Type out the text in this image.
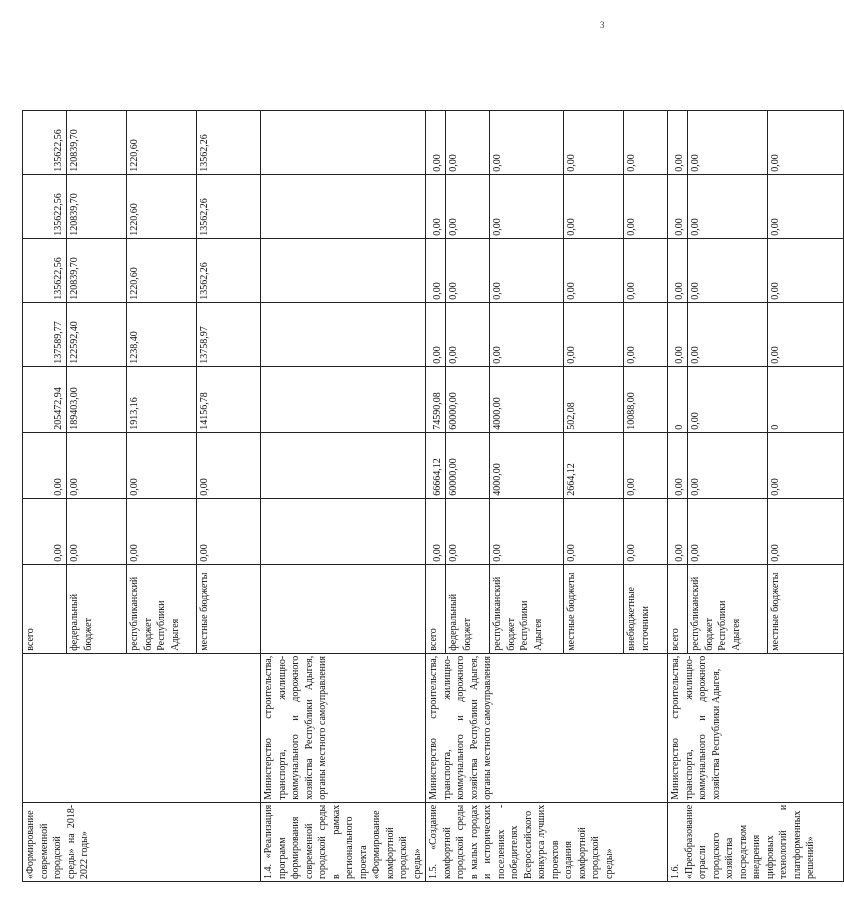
3
«Формирование современной городской среды» на 2018-2022 годы»		всего	0,00	0,00	205472,94	137589,77	135622,56	135622,56	135622,56
		федеральный бюджет	0,00	0,00	189403,00	122592,40	120839,70	120839,70	120839,70
		республиканский бюджет Республики Адыгея	0,00	0,00	1913,16	1238,40	1220,60	1220,60	1220,60
		местные бюджеты	0,00	0,00	14156,78	13758,97	13562,26	13562,26	13562,26
1.4. «Реализация программ формирования современной городской среды в рамках регионального проекта «Формирование комфортной городской среды»	Министерство строительства, транспорта, жилищно-коммунального и дорожного хозяйства Республики Адыгея, органы местного самоуправления								
1.5. «Создание комфортной городской среды в малых городах и исторических поселениях - победителях Всероссийского конкурса лучших проектов создания комфортной городской среды»	Министерство строительства, транспорта, жилищно-коммунального и дорожного хозяйства Республики Адыгея, органы местного самоуправления	всего	0,00	66664,12	74590,08	0,00	0,00	0,00	0,00
		федеральный бюджет	0,00	60000,00	60000,00	0,00	0,00	0,00	0,00
		республиканский бюджет Республики Адыгея	0,00	4000,00	4000,00	0,00	0,00	0,00	0,00
		местные бюджеты	0,00	2664,12	502,08	0,00	0,00	0,00	0,00
		внебюджетные источники	0,00	0,00	10088,00	0,00	0,00	0,00	0,00
1.6. «Преобразование отрасли городского хозяйства посредством внедрения цифровых технологий и платформенных решений»	Министерство строительства, транспорта, жилищно-коммунального и дорожного хозяйства Республики Адыгея,	всего	0,00	0,00	0	0,00	0,00	0,00	0,00
		республиканский бюджет Республики Адыгея	0,00	0,00	0,00	0,00	0,00	0,00	0,00
		местные бюджеты	0,00	0,00	0	0,00	0,00	0,00	0,00
